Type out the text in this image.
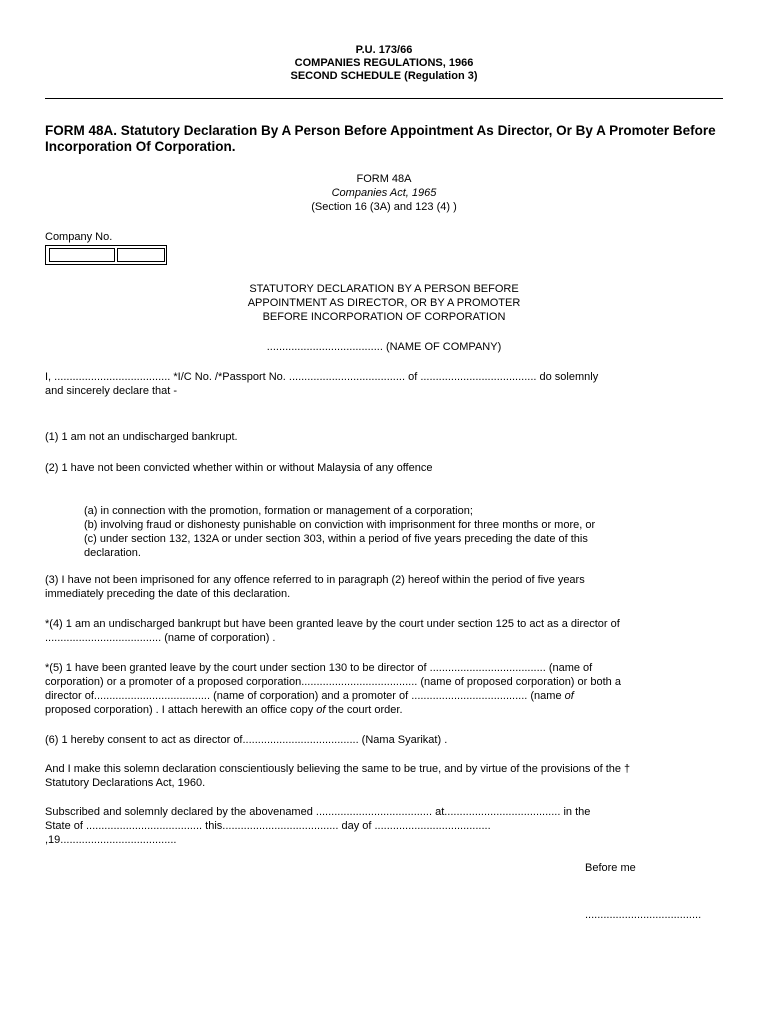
P.U. 173/66
COMPANIES REGULATIONS, 1966
SECOND SCHEDULE (Regulation 3)
FORM 48A. Statutory Declaration By A Person Before Appointment As Director, Or By A Promoter Before Incorporation Of Corporation.
FORM 48A
Companies Act, 1965
(Section 16 (3A) and 123 (4) )
Company No.
STATUTORY DECLARATION BY A PERSON BEFORE
APPOINTMENT AS DIRECTOR, OR BY A PROMOTER
BEFORE INCORPORATION OF CORPORATION
...................................... (NAME OF COMPANY)
I, ...................................... *I/C No. /*Passport No. ...................................... of ...................................... do solemnly
and sincerely declare that -
(1) 1 am not an undischarged bankrupt.
(2) 1 have not been convicted whether within or without Malaysia of any offence
(a) in connection with the promotion, formation or management of a corporation;
(b) involving fraud or dishonesty punishable on conviction with imprisonment for three months or more, or
(c) under section 132, 132A or under section 303, within a period of five years preceding the date of this
declaration.
(3) I have not been imprisoned for any offence referred to in paragraph (2) hereof within the period of five years
immediately preceding the date of this declaration.
*(4) 1 am an undischarged bankrupt but have been granted leave by the court under section 125 to act as a director of
...................................... (name of corporation) .
*(5) 1 have been granted leave by the court under section 130 to be director of ...................................... (name of
corporation) or a promoter of a proposed corporation...................................... (name of proposed corporation) or both a
director of...................................... (name of corporation) and a promoter of ...................................... (name of
proposed corporation) . I attach herewith an office copy of the court order.
(6) 1 hereby consent to act as director of...................................... (Nama Syarikat) .
And I make this solemn declaration conscientiously believing the same to be true, and by virtue of the provisions of the †
Statutory Declarations Act, 1960.
Subscribed and solemnly declared by the abovenamed ...................................... at...................................... in the
State of ...................................... this...................................... day of ......................................
,19......................................
Before me
......................................
